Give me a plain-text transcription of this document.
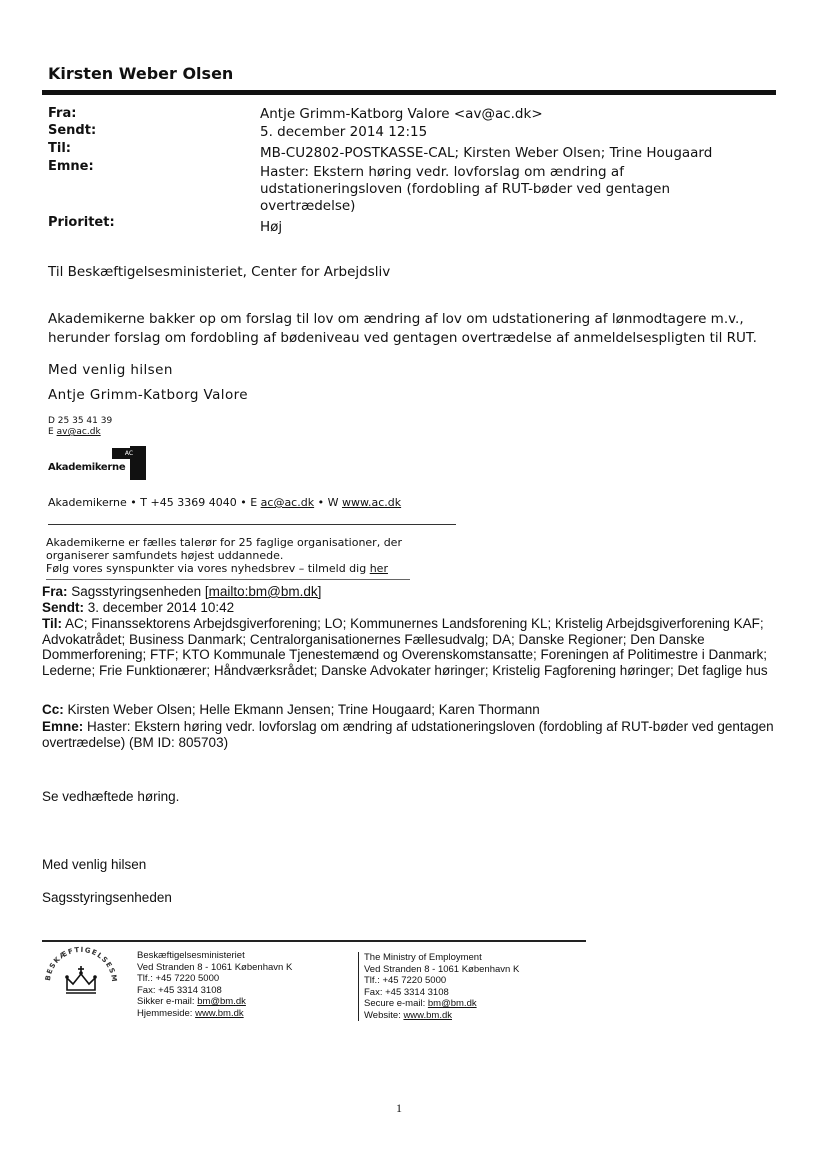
Kirsten Weber Olsen
Fra:	Antje Grimm-Katborg Valore <av@ac.dk>
Sendt:	5. december 2014 12:15
Til:	MB-CU2802-POSTKASSE-CAL; Kirsten Weber Olsen; Trine Hougaard
Emne:	Haster: Ekstern høring vedr. lovforslag om ændring af udstationeringsloven (fordobling af RUT-bøder ved gentagen overtrædelse)
Prioritet:	Høj
Til Beskæftigelsesministeriet, Center for Arbejdsliv
Akademikerne bakker op om forslag til lov om ændring af lov om udstationering af lønmodtagere m.v., herunder forslag om fordobling af bødeniveau ved gentagen overtrædelse af anmeldelsespligten til RUT.
Med venlig hilsen
Antje Grimm-Katborg Valore
D 25 35 41 39
E av@ac.dk
AC
Akademikerne
Akademikerne • T +45 3369 4040 • E ac@ac.dk • W www.ac.dk
Akademikerne er fælles talerør for 25 faglige organisationer, der
organiserer samfundets højest uddannede.
Følg vores synspunkter via vores nyhedsbrev – tilmeld dig her
Fra: Sagsstyringsenheden [mailto:bm@bm.dk]
Sendt: 3. december 2014 10:42
Til: AC; Finanssektorens Arbejdsgiverforening; LO; Kommunernes Landsforening KL; Kristelig Arbejdsgiverforening KAF; Advokatrådet; Business Danmark; Centralorganisationernes Fællesudvalg; DA; Danske Regioner; Den Danske Dommerforening; FTF; KTO Kommunale Tjenestemænd og Overenskomstansatte; Foreningen af Politimestre i Danmark; Lederne; Frie Funktionærer; Håndværksrådet; Danske Advokater høringer; Kristelig Fagforening høringer; Det faglige hus
Cc: Kirsten Weber Olsen; Helle Ekmann Jensen; Trine Hougaard; Karen Thormann
Emne: Haster: Ekstern høring vedr. lovforslag om ændring af udstationeringsloven (fordobling af RUT-bøder ved gentagen overtrædelse) (BM ID: 805703)
Se vedhæftede høring.
Med venlig hilsen
Sagsstyringsenheden
BESKÆFTIGELSESM
Beskæftigelsesministeriet
Ved Stranden 8 - 1061 København K
Tlf.: +45 7220 5000
Fax: +45 3314 3108
Sikker e-mail: bm@bm.dk
Hjemmeside: www.bm.dk
The Ministry of Employment
Ved Stranden 8 - 1061 København K
Tlf.: +45 7220 5000
Fax: +45 3314 3108
Secure e-mail: bm@bm.dk
Website: www.bm.dk
1
